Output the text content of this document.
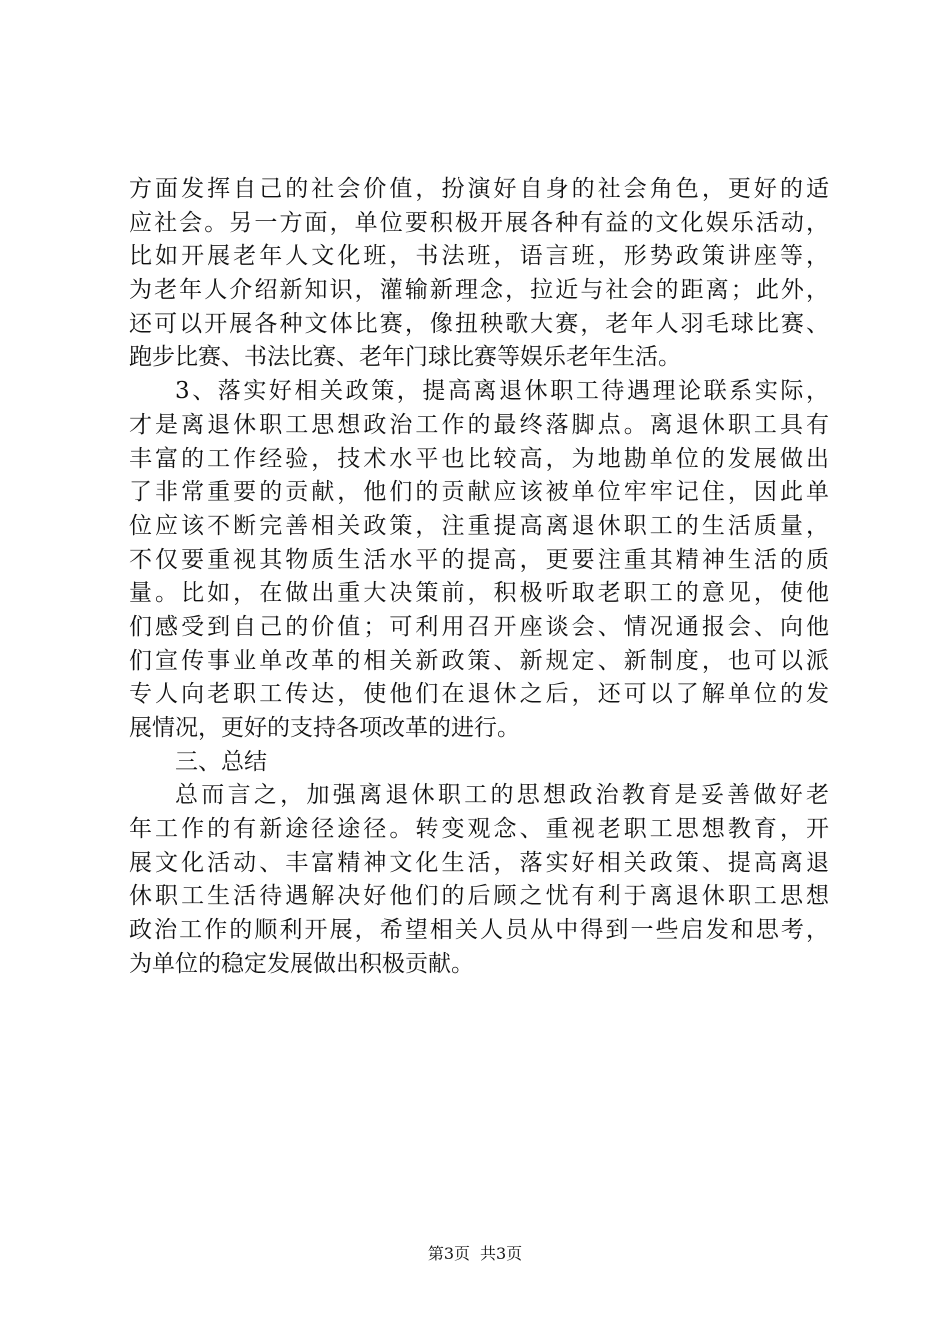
方面发挥自己的社会价值，扮演好自身的社会角色，更好的适
应社会。另一方面，单位要积极开展各种有益的文化娱乐活动，
比如开展老年人文化班，书法班，语言班，形势政策讲座等，
为老年人介绍新知识，灌输新理念，拉近与社会的距离；此外，
还可以开展各种文体比赛，像扭秧歌大赛，老年人羽毛球比赛、
跑步比赛、书法比赛、老年门球比赛等娱乐老年生活。
3、落实好相关政策，提高离退休职工待遇理论联系实际，
才是离退休职工思想政治工作的最终落脚点。离退休职工具有
丰富的工作经验，技术水平也比较高，为地勘单位的发展做出
了非常重要的贡献，他们的贡献应该被单位牢牢记住，因此单
位应该不断完善相关政策，注重提高离退休职工的生活质量，
不仅要重视其物质生活水平的提高，更要注重其精神生活的质
量。比如，在做出重大决策前，积极听取老职工的意见，使他
们感受到自己的价值；可利用召开座谈会、情况通报会、向他
们宣传事业单改革的相关新政策、新规定、新制度，也可以派
专人向老职工传达，使他们在退休之后，还可以了解单位的发
展情况，更好的支持各项改革的进行。
三、总结
总而言之，加强离退休职工的思想政治教育是妥善做好老
年工作的有新途径途径。转变观念、重视老职工思想教育，开
展文化活动、丰富精神文化生活，落实好相关政策、提高离退
休职工生活待遇解决好他们的后顾之忧有利于离退休职工思想
政治工作的顺利开展，希望相关人员从中得到一些启发和思考，
为单位的稳定发展做出积极贡献。
第3页 共3页
